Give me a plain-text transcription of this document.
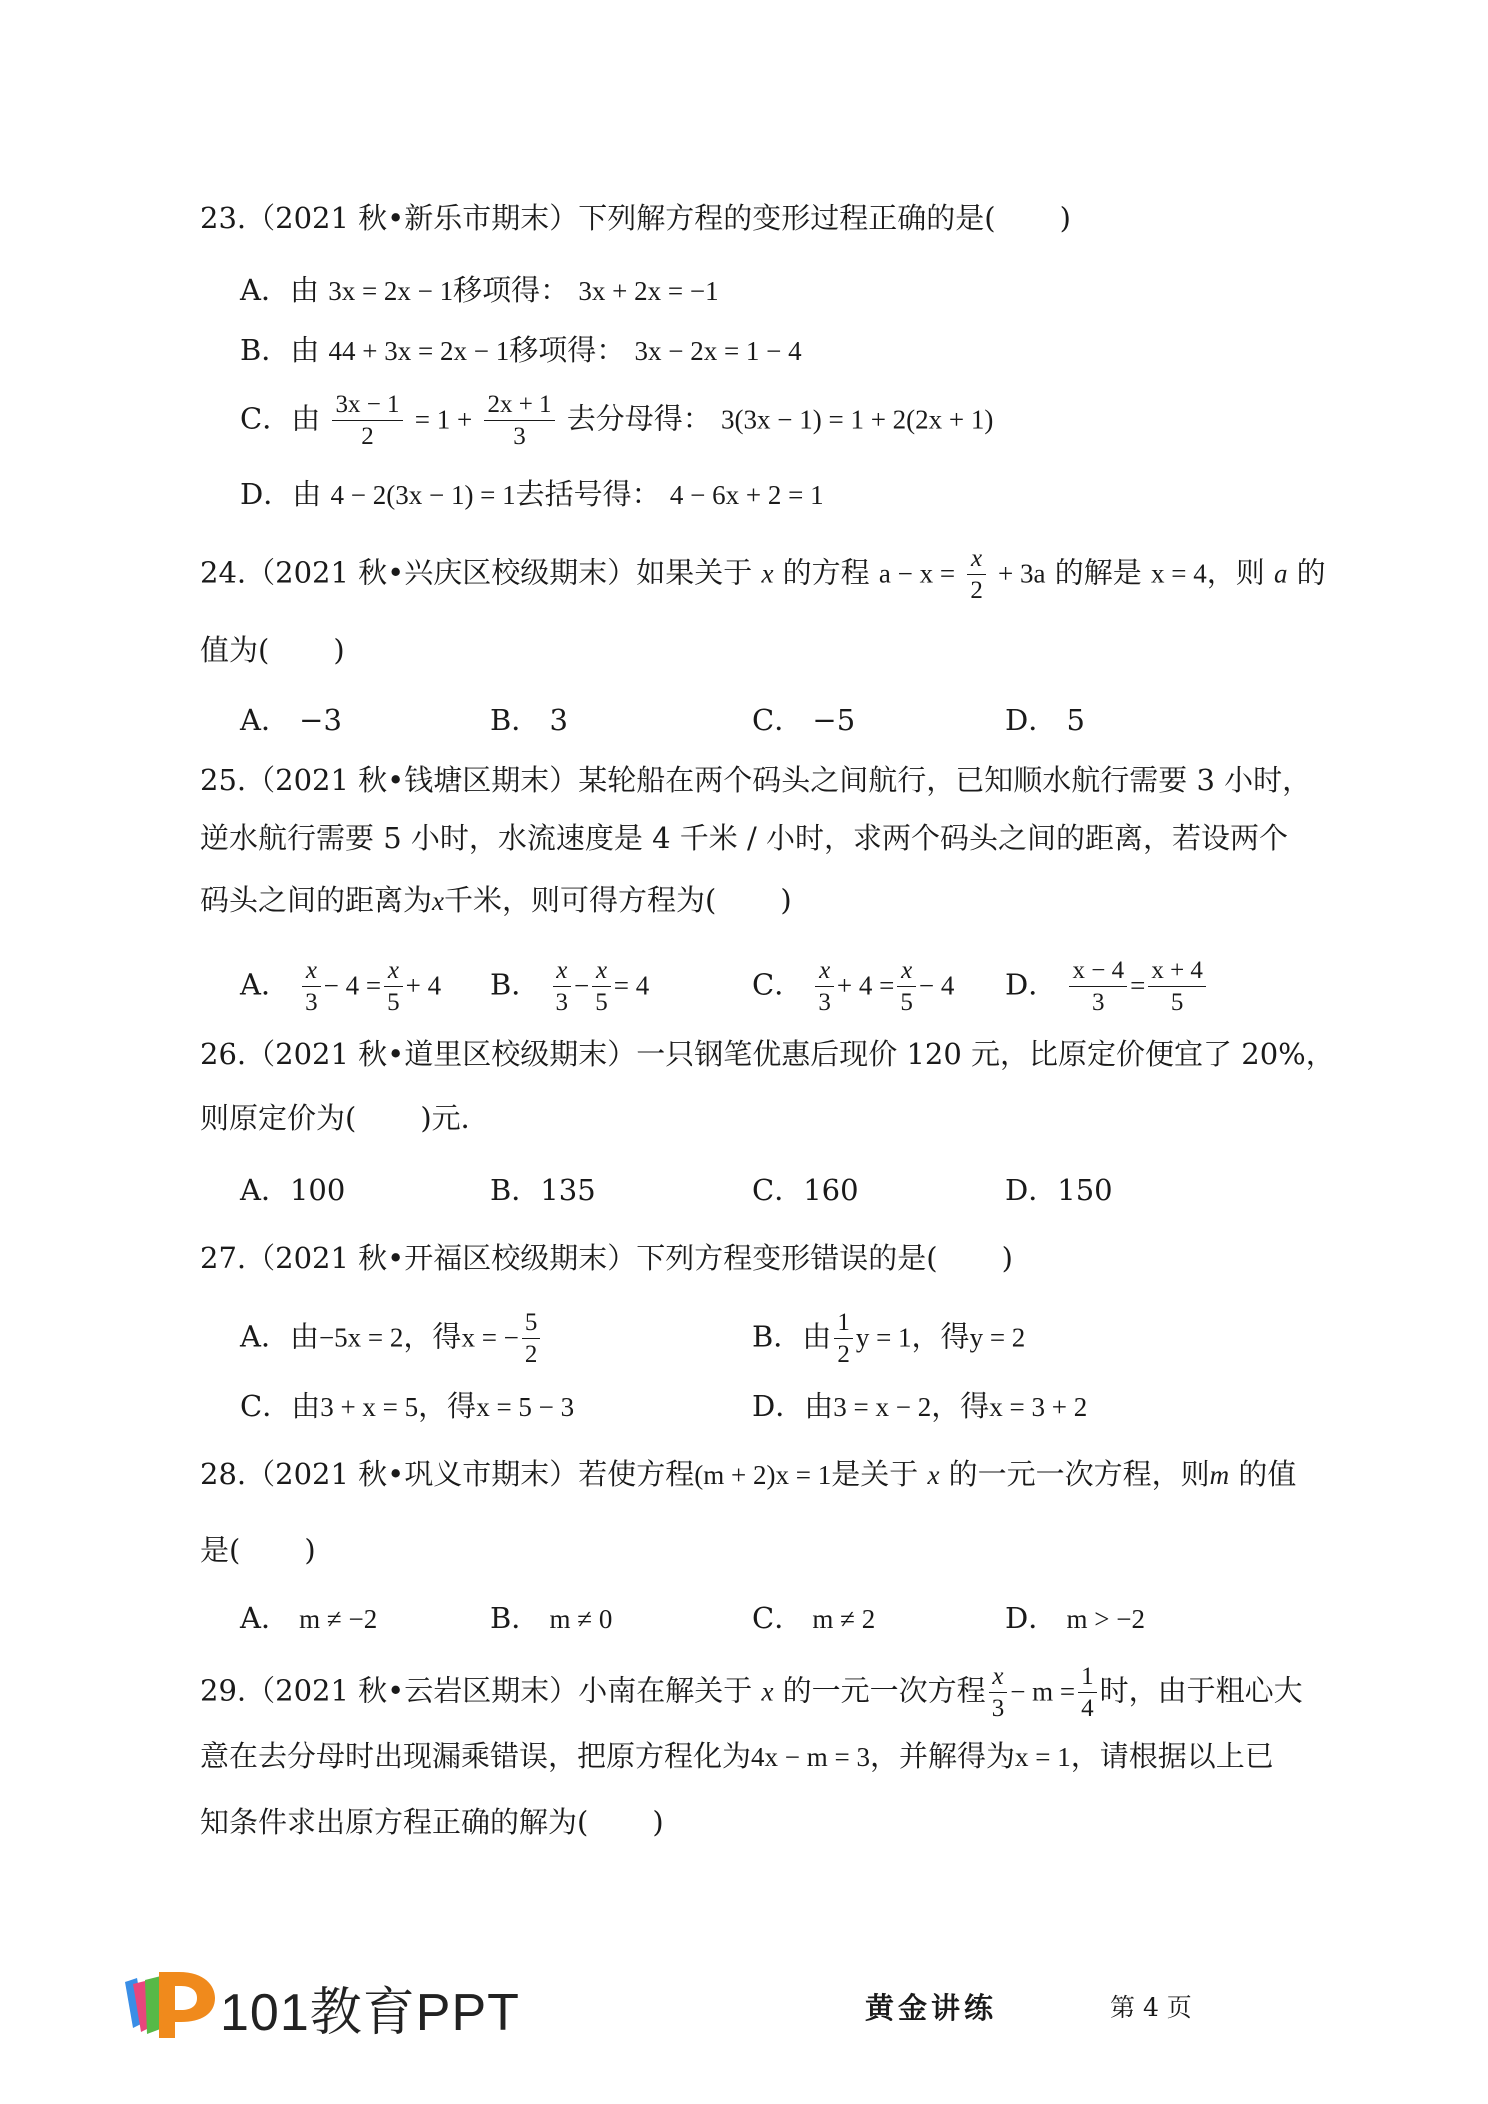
23.（2021 秋•新乐市期末）下列解方程的变形过程正确的是( )
A．由 3x = 2x − 1移项得： 3x + 2x = −1
B．由 44 + 3x = 2x − 1移项得： 3x − 2x = 1 − 4
C．由 $\frac{3x - 1}{2} = 1 + \frac{2x + 1}{3}$ 去分母得： 3(3x − 1) = 1 + 2(2x + 1)
D．由 4 − 2(3x − 1) = 1去括号得： 4 − 6x + 2 = 1
24.（2021 秋•兴庆区校级期末）如果关于 x 的方程 $a - x = \frac{x}{2} + 3a$ 的解是 x = 4，则 a 的
值为( )
A． −3	B． 3	C． −5	D． 5
25.（2021 秋•钱塘区期末）某轮船在两个码头之间航行，已知顺水航行需要 3 小时，
逆水航行需要 5 小时，水流速度是 4 千米 / 小时，求两个码头之间的距离，若设两个
码头之间的距离为x千米，则可得方程为( )
A． $\frac{x}{3} - 4 = \frac{x}{5} + 4$ B． $\frac{x}{3} - \frac{x}{5} = 4$	C． $\frac{x}{3} + 4 = \frac{x}{5} - 4$ D． $\frac{x - 4}{3} = \frac{x + 4}{5}$
26.（2021 秋•道里区校级期末）一只钢笔优惠后现价 120 元，比原定价便宜了 20%，
则原定价为( )元．
A．100	B．135	C．160	D．150
27.（2021 秋•开福区校级期末）下列方程变形错误的是( )
A．由−5x = 2，得x = − $\frac{5}{2}$	B．由 $\frac{1}{2}$ y = 1，得y = 2
C．由3 + x = 5，得x = 5 − 3	D．由3 = x − 2，得x = 3 + 2
28.（2021 秋•巩义市期末）若使方程(m + 2)x = 1是关于 x 的一元一次方程，则m 的值
是( )
A． m ≠ −2	B． m ≠ 0	C． m ≠ 2	D． m > −2
29.（2021 秋•云岩区期末）小南在解关于 x 的一元一次方程 $\frac{x}{3} - m = \frac{1}{4}$ 时，由于粗心大
意在去分母时出现漏乘错误，把原方程化为4x − m = 3，并解得为x = 1，请根据以上已
知条件求出原方程正确的解为( )
101教育PPT	黄金讲练	第 4 页
